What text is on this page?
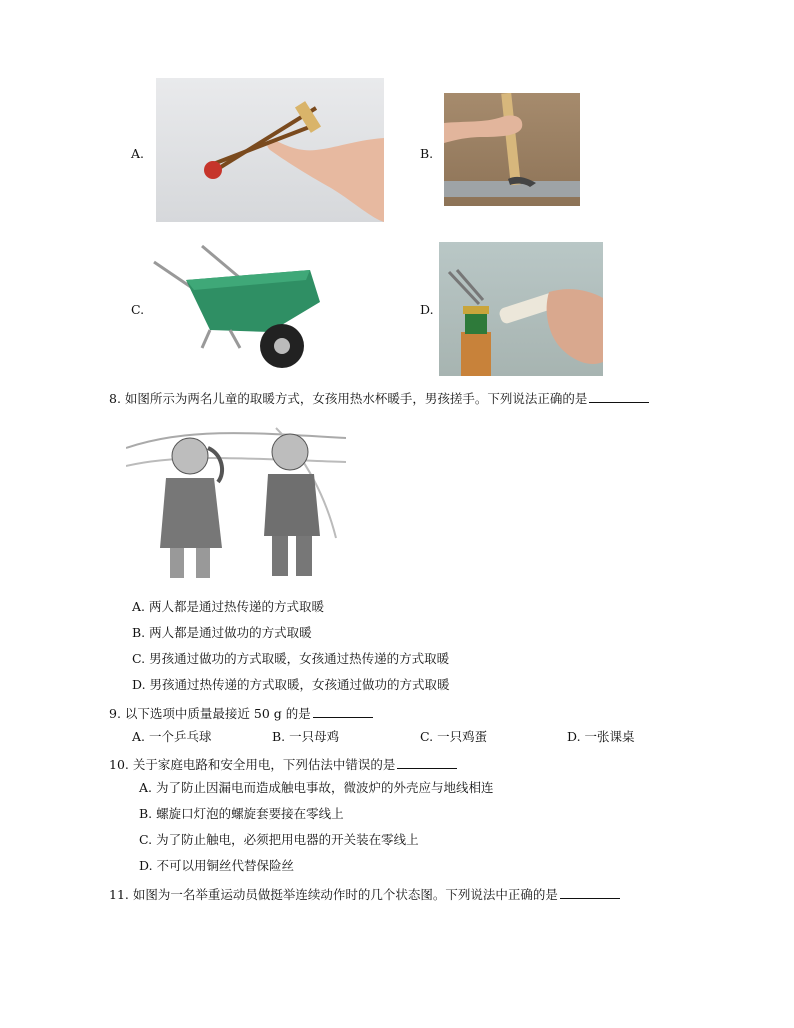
A.	B.
C.	D.
8. 如图所示为两名儿童的取暖方式，女孩用热水杯暖手，男孩搓手。下列说法正确的是
A. 两人都是通过热传递的方式取暖
B. 两人都是通过做功的方式取暖
C. 男孩通过做功的方式取暖，女孩通过热传递的方式取暖
D. 男孩通过热传递的方式取暖，女孩通过做功的方式取暖
9. 以下选项中质量最接近 50 g 的是
A. 一个乒乓球	B. 一只母鸡	C. 一只鸡蛋	D. 一张课桌
10. 关于家庭电路和安全用电，下列估法中错误的是
A. 为了防止因漏电而造成触电事故，微波炉的外壳应与地线相连
B. 螺旋口灯泡的螺旋套要接在零线上
C. 为了防止触电，必须把用电器的开关装在零线上
D. 不可以用铜丝代替保险丝
11. 如图为一名举重运动员做挺举连续动作时的几个状态图。下列说法中正确的是
